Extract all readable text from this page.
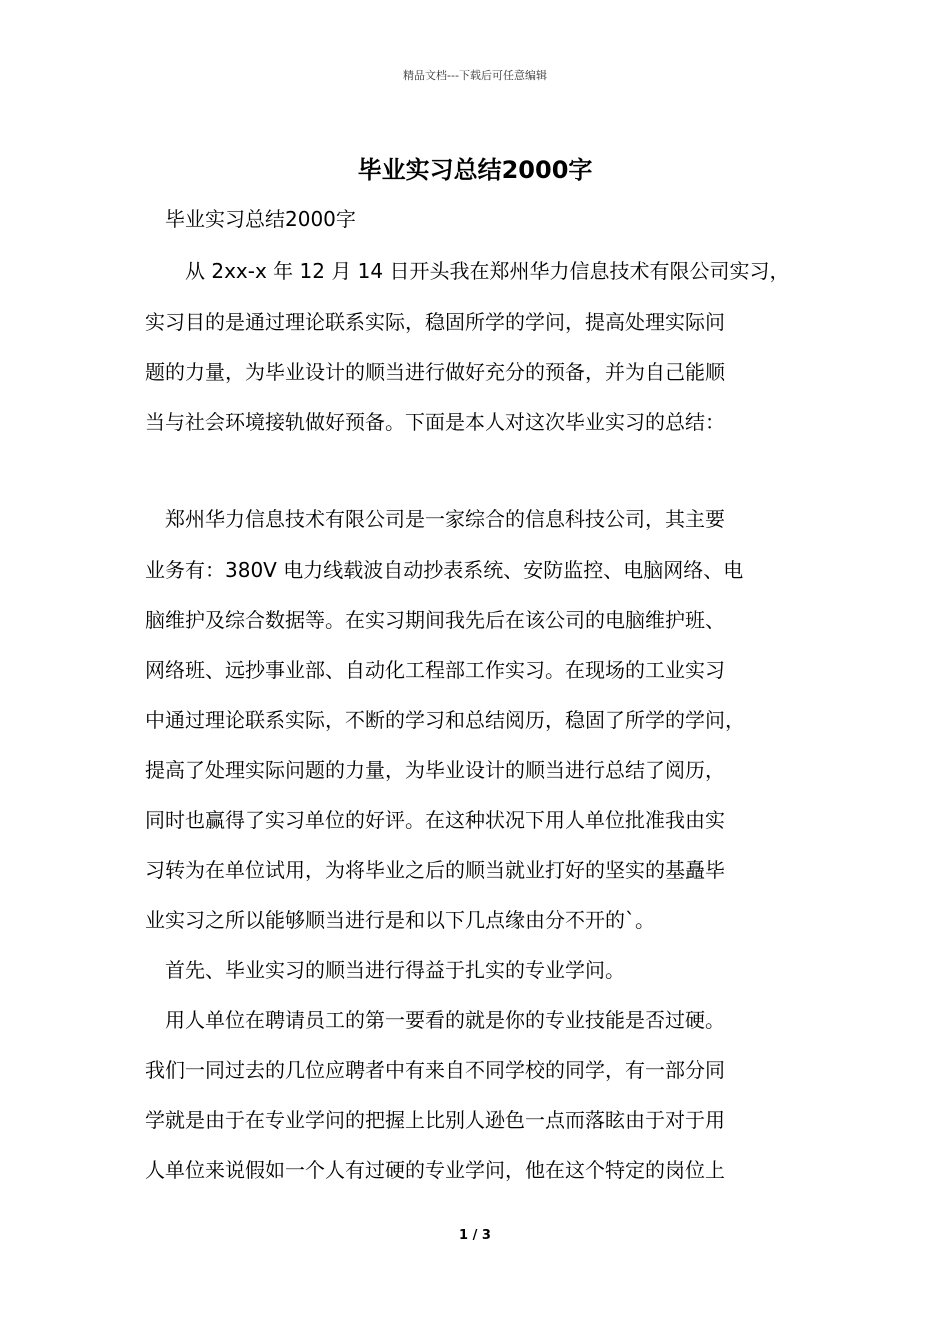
精品文档---下载后可任意编辑
毕业实习总结2000字
毕业实习总结2000字
从 2xx-x 年 12 月 14 日开头我在郑州华力信息技术有限公司实习，
实习目的是通过理论联系实际，稳固所学的学问，提高处理实际问
题的力量，为毕业设计的顺当进行做好充分的预备，并为自己能顺
当与社会环境接轨做好预备。下面是本人对这次毕业实习的总结：
郑州华力信息技术有限公司是一家综合的信息科技公司，其主要
业务有：380V 电力线载波自动抄表系统、安防监控、电脑网络、电
脑维护及综合数据等。在实习期间我先后在该公司的电脑维护班、
网络班、远抄事业部、自动化工程部工作实习。在现场的工业实习
中通过理论联系实际，不断的学习和总结阅历，稳固了所学的学问，
提高了处理实际问题的力量，为毕业设计的顺当进行总结了阅历，
同时也赢得了实习单位的好评。在这种状况下用人单位批准我由实
习转为在单位试用，为将毕业之后的顺当就业打好的坚实的基矗毕
业实习之所以能够顺当进行是和以下几点缘由分不开的`。
首先、毕业实习的顺当进行得益于扎实的专业学问。
用人单位在聘请员工的第一要看的就是你的专业技能是否过硬。
我们一同过去的几位应聘者中有来自不同学校的同学，有一部分同
学就是由于在专业学问的把握上比别人逊色一点而落眩由于对于用
人单位来说假如一个人有过硬的专业学问，他在这个特定的岗位上
1 / 3
